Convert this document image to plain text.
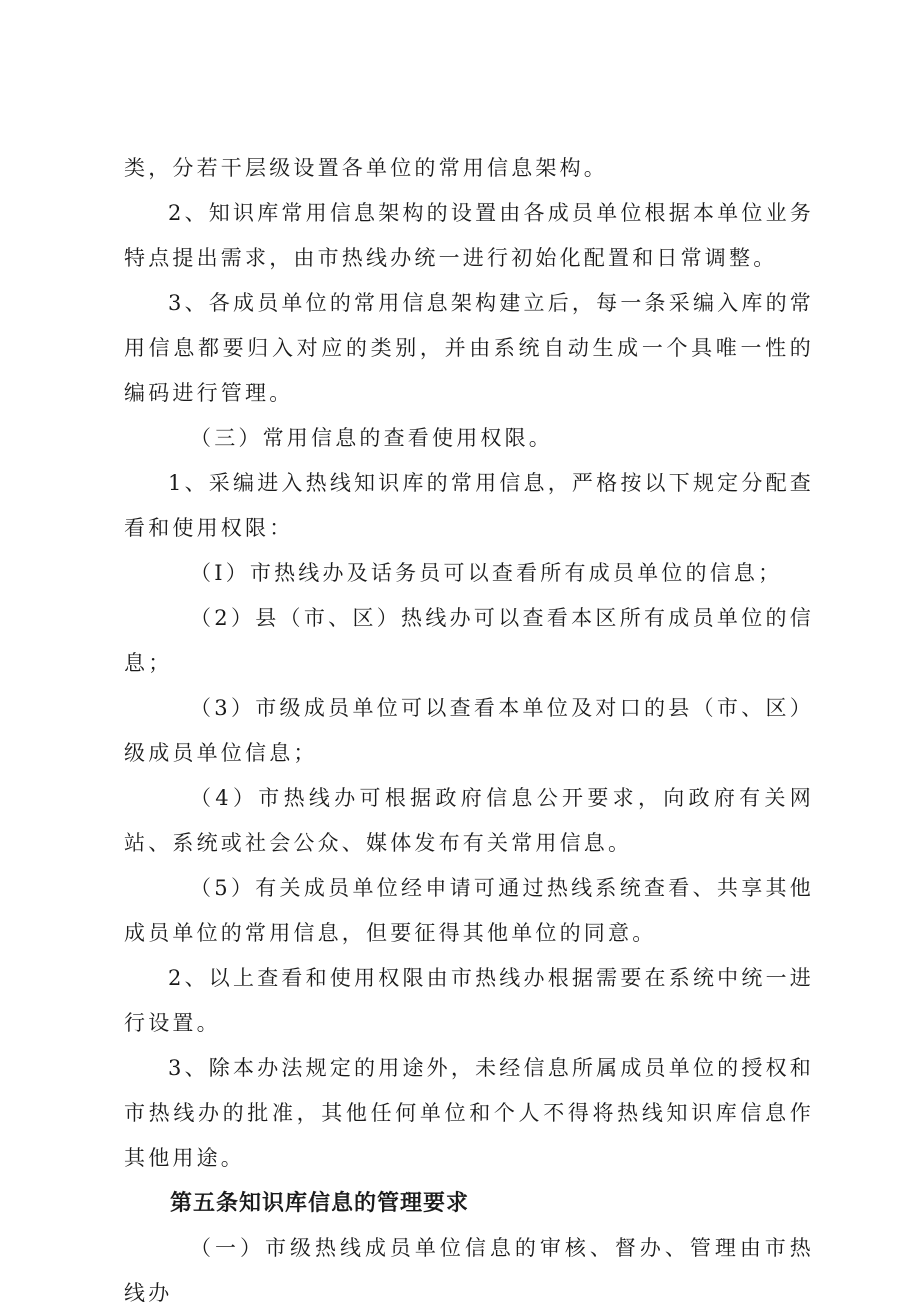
类，分若干层级设置各单位的常用信息架构。

2、知识库常用信息架构的设置由各成员单位根据本单位业务特点提出需求，由市热线办统一进行初始化配置和日常调整。

3、各成员单位的常用信息架构建立后，每一条采编入库的常用信息都要归入对应的类别，并由系统自动生成一个具唯一性的编码进行管理。

（三）常用信息的查看使用权限。

1、采编进入热线知识库的常用信息，严格按以下规定分配查看和使用权限：

（I）市热线办及话务员可以查看所有成员单位的信息；

（2）县（市、区）热线办可以查看本区所有成员单位的信息；

（3）市级成员单位可以查看本单位及对口的县（市、区）级成员单位信息；

（4）市热线办可根据政府信息公开要求，向政府有关网站、系统或社会公众、媒体发布有关常用信息。

（5）有关成员单位经申请可通过热线系统查看、共享其他成员单位的常用信息，但要征得其他单位的同意。

2、以上查看和使用权限由市热线办根据需要在系统中统一进行设置。

3、除本办法规定的用途外，未经信息所属成员单位的授权和市热线办的批准，其他任何单位和个人不得将热线知识库信息作其他用途。

第五条知识库信息的管理要求

（一）市级热线成员单位信息的审核、督办、管理由市热线办
